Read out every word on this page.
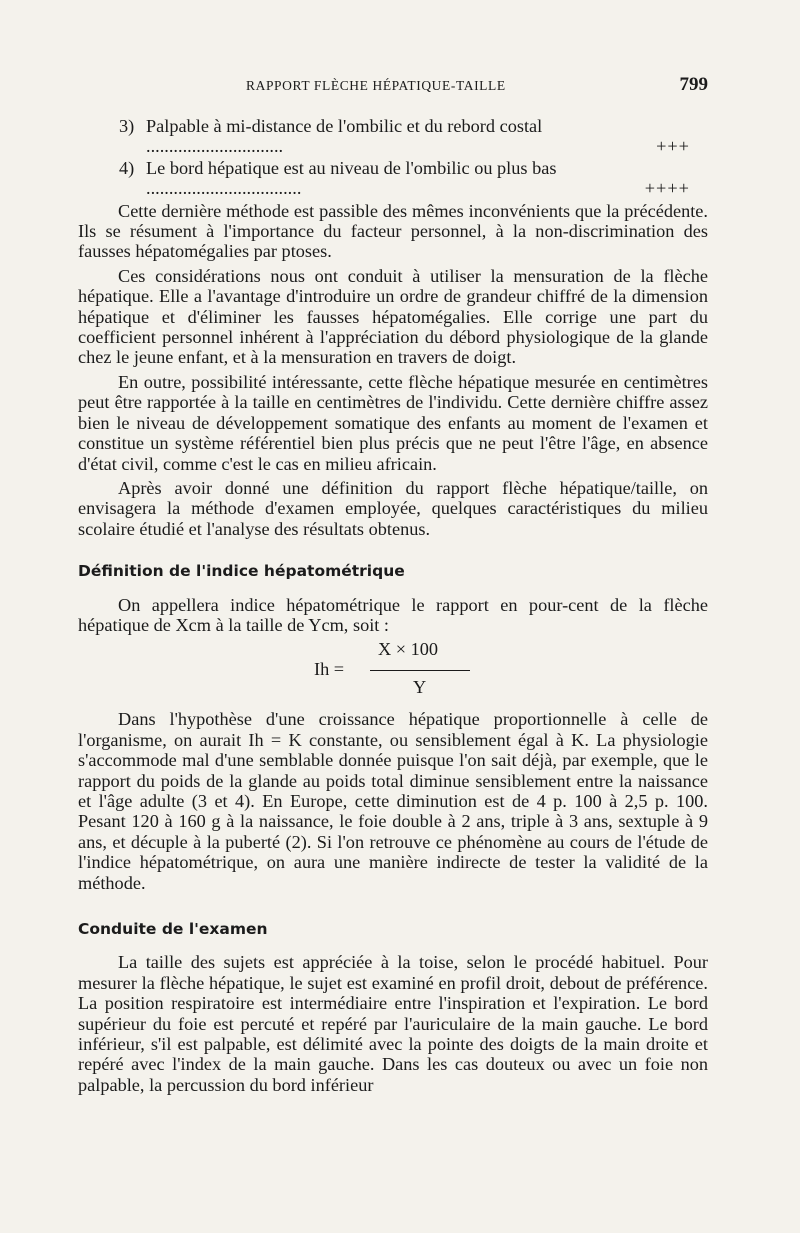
RAPPORT FLÈCHE HÉPATIQUE-TAILLE	799
3) Palpable à mi-distance de l'ombilic et du rebord costal ..............................	+++
4) Le bord hépatique est au niveau de l'ombilic ou plus bas ..................................	++++

Cette dernière méthode est passible des mêmes inconvénients que la précédente. Ils se résument à l'importance du facteur personnel, à la non-discrimination des fausses hépatomégalies par ptoses.

Ces considérations nous ont conduit à utiliser la mensuration de la flèche hépatique. Elle a l'avantage d'introduire un ordre de grandeur chiffré de la dimension hépatique et d'éliminer les fausses hépatomégalies. Elle corrige une part du coefficient personnel inhérent à l'appréciation du débord physiologique de la glande chez le jeune enfant, et à la mensuration en travers de doigt.

En outre, possibilité intéressante, cette flèche hépatique mesurée en centimètres peut être rapportée à la taille en centimètres de l'individu. Cette dernière chiffre assez bien le niveau de développement somatique des enfants au moment de l'examen et constitue un système référentiel bien plus précis que ne peut l'être l'âge, en absence d'état civil, comme c'est le cas en milieu africain.

Après avoir donné une définition du rapport flèche hépatique/taille, on envisagera la méthode d'examen employée, quelques caractéristiques du milieu scolaire étudié et l'analyse des résultats obtenus.

Définition de l'indice hépatométrique

On appellera indice hépatométrique le rapport en pour-cent de la flèche hépatique de Xcm à la taille de Ycm, soit :

Ih =
X × 100
Y

Dans l'hypothèse d'une croissance hépatique proportionnelle à celle de l'organisme, on aurait Ih = K constante, ou sensiblement égal à K. La physiologie s'accommode mal d'une semblable donnée puisque l'on sait déjà, par exemple, que le rapport du poids de la glande au poids total diminue sensiblement entre la naissance et l'âge adulte (3 et 4). En Europe, cette diminution est de 4 p. 100 à 2,5 p. 100. Pesant 120 à 160 g à la naissance, le foie double à 2 ans, triple à 3 ans, sextuple à 9 ans, et décuple à la puberté (2). Si l'on retrouve ce phénomène au cours de l'étude de l'indice hépatométrique, on aura une manière indirecte de tester la validité de la méthode.

Conduite de l'examen

La taille des sujets est appréciée à la toise, selon le procédé habituel. Pour mesurer la flèche hépatique, le sujet est examiné en profil droit, debout de préférence. La position respiratoire est intermédiaire entre l'inspiration et l'expiration. Le bord supérieur du foie est percuté et repéré par l'auriculaire de la main gauche. Le bord inférieur, s'il est palpable, est délimité avec la pointe des doigts de la main droite et repéré avec l'index de la main gauche. Dans les cas douteux ou avec un foie non palpable, la percussion du bord inférieur
